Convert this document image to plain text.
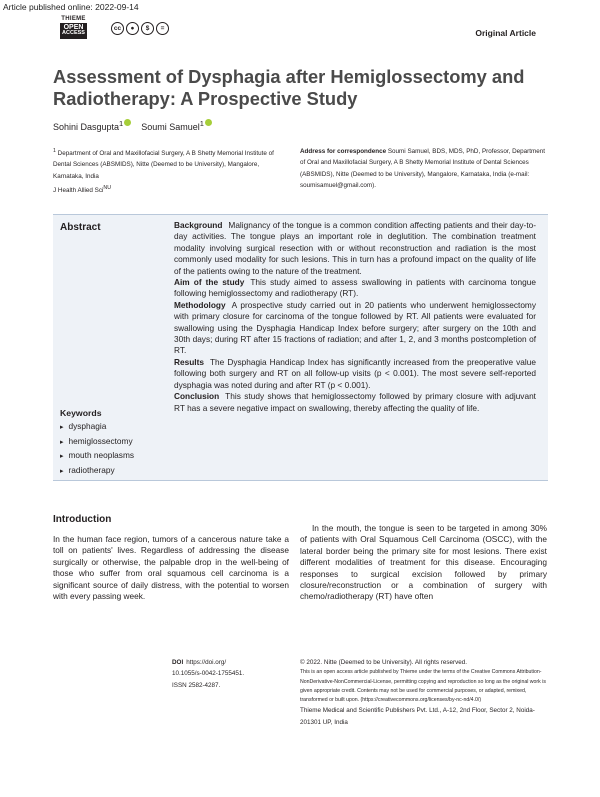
Article published online: 2022-09-14
THIEME
OPEN
ACCESS
cc	●	$	=	Original Article
Assessment of Dysphagia after Hemiglossectomy and Radiotherapy: A Prospective Study
Sohini Dasgupta$^1$ Soumi Samuel$^1$
$^1$ Department of Oral and Maxillofacial Surgery, A B Shetty Memorial Institute of Dental Sciences (ABSMIDS), Nitte (Deemed to be University), Mangalore, Karnataka, India
J Health Allied Sci$^{NU}$
Address for correspondence Soumi Samuel, BDS, MDS, PhD, Professor, Department of Oral and Maxillofacial Surgery, A B Shetty Memorial Institute of Dental Sciences (ABSMIDS), Nitte (Deemed to be University), Mangalore, Karnataka, India (e-mail: soumisamuel@gmail.com).
Abstract
Keywords
▸ dysphagia
▸ hemiglossectomy
▸ mouth neoplasms
▸ radiotherapy

Background Malignancy of the tongue is a common condition affecting patients and their day-to-day activities. The tongue plays an important role in deglutition. The combination treatment modality involving surgical resection with or without reconstruction and radiation is the most commonly used modality for such lesions. This in turn has a profound impact on the quality of life of the patients owing to the nature of the treatment.

Aim of the study This study aimed to assess swallowing in patients with carcinoma tongue following hemiglossectomy and radiotherapy (RT).

Methodology A prospective study carried out in 20 patients who underwent hemiglossectomy with primary closure for carcinoma of the tongue followed by RT. All patients were evaluated for swallowing using the Dysphagia Handicap Index before surgery; after surgery on the 10th and 30th days; during RT after 15 fractions of radiation; and after 1, 2, and 3 months postcompletion of RT.

Results The Dysphagia Handicap Index has significantly increased from the preoperative value following both surgery and RT on all follow-up visits (p < 0.001). The most severe self-reported dysphagia was noted during and after RT (p < 0.001).

Conclusion This study shows that hemiglossectomy followed by primary closure with adjuvant RT has a severe negative impact on swallowing, thereby affecting the quality of life.

Introduction

In the human face region, tumors of a cancerous nature take a toll on patients' lives. Regardless of addressing the disease surgically or otherwise, the palpable drop in the well-being of those who suffer from oral squamous cell carcinoma is a significant source of daily distress, with the potential to worsen with every passing week.

In the mouth, the tongue is seen to be targeted in among 30% of patients with Oral Squamous Cell Carcinoma (OSCC), with the lateral border being the primary site for most lesions. There exist different modalities of treatment for this disease. Encouraging responses to surgical excision followed by primary closure/reconstruction or a combination of surgery with chemo/radiotherapy (RT) have often

DOI https://doi.org/
10.1055/s-0042-1755451.
ISSN 2582-4287.
© 2022. Nitte (Deemed to be University). All rights reserved.
This is an open access article published by Thieme under the terms of the Creative Commons Attribution-NonDerivative-NonCommercial-License, permitting copying and reproduction so long as the original work is given appropriate credit. Contents may not be used for commercial purposes, or adapted, remixed, transformed or built upon. (https://creativecommons.org/licenses/by-nc-nd/4.0/)
Thieme Medical and Scientific Publishers Pvt. Ltd., A-12, 2nd Floor, Sector 2, Noida-201301 UP, India
